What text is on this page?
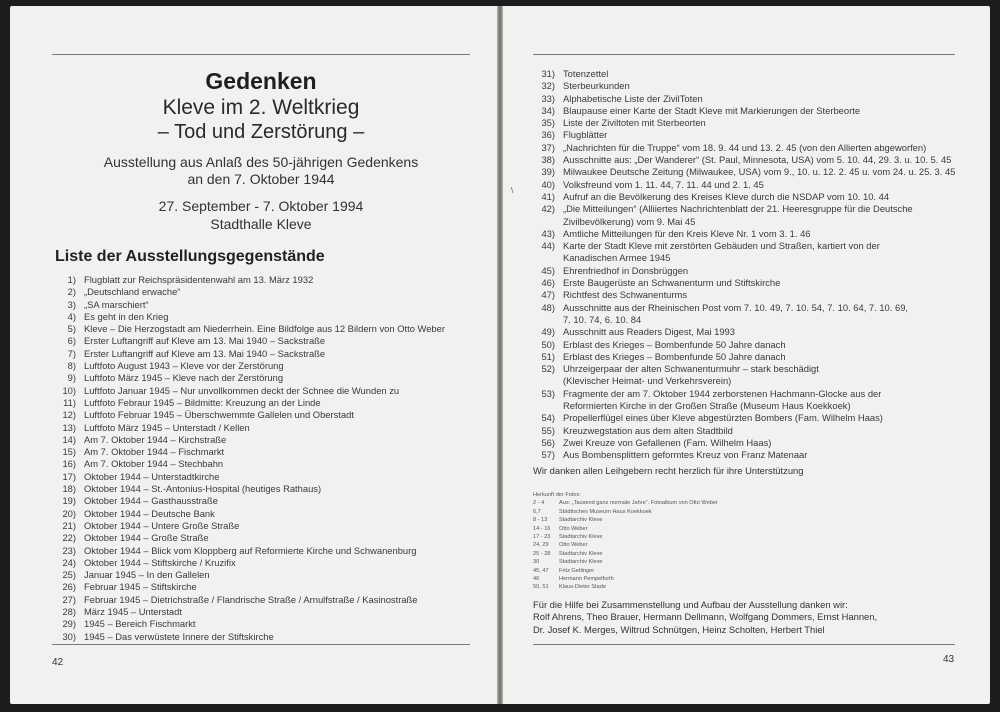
Gedenken
Kleve im 2. Weltkrieg
– Tod und Zerstörung –
Ausstellung aus Anlaß des 50-jährigen Gedenkens
an den 7. Oktober 1944
27. September - 7. Oktober 1994
Stadthalle Kleve
Liste der Ausstellungsgegenstände
1) Flugblatt zur Reichspräsidentenwahl am 13. März 1932
2) „Deutschland erwache“
3) „SA marschiert“
4) Es geht in den Krieg
5) Kleve – Die Herzogstadt am Niederrhein. Eine Bildfolge aus 12 Bildern von Otto Weber
6) Erster Luftangriff auf Kleve am 13. Mai 1940 – Sackstraße
7) Erster Luftangriff auf Kleve am 13. Mai 1940 – Sackstraße
8) Luftfoto August 1943 – Kleve vor der Zerstörung
9) Luftfoto März 1945 – Kleve nach der Zerstörung
10) Luftfoto Januar 1945 – Nur unvollkommen deckt der Schnee die Wunden zu
11) Luftfoto Febraur 1945 – Bildmitte: Kreuzung an der Linde
12) Luftfoto Februar 1945 – Überschwemmte Gallelen und Oberstadt
13) Luftfoto März 1945 – Unterstadt / Kellen
14) Am 7. Oktober 1944 – Kirchstraße
15) Am 7. Oktober 1944 – Fischmarkt
16) Am 7. Oktober 1944 – Stechbahn
17) Oktober 1944 – Unterstadtkirche
18) Oktober 1944 – St.-Antonius-Hospital (heutiges Rathaus)
19) Oktober 1944 – Gasthausstraße
20) Oktober 1944 – Deutsche Bank
21) Oktober 1944 – Untere Große Straße
22) Oktober 1944 – Große Straße
23) Oktober 1944 – Blick vom Kloppberg auf Reformierte Kirche und Schwanenburg
24) Oktober 1944 – Stiftskirche / Kruzifix
25) Januar 1945 – In den Gallelen
26) Februar 1945 – Stiftskirche
27) Februar 1945 – Dietrichstraße / Flandrische Straße / Arnulfstraße / Kasinostraße
28) März 1945 – Unterstadt
29) 1945 – Bereich Fischmarkt
30) 1945 – Das verwüstete Innere der Stiftskirche
42
31) Totenzettel
32) Sterbeurkunden
33) Alphabetische Liste der ZivilToten
34) Blaupause einer Karte der Stadt Kleve mit Markierungen der Sterbeorte
35) Liste der Ziviltoten mit Sterbeorten
36) Flugblätter
37) „Nachrichten für die Truppe“ vom 18. 9. 44 und 13. 2. 45 (von den Allierten abgeworfen)
38) Ausschnitte aus: „Der Wanderer“ (St. Paul, Minnesota, USA) vom 5. 10. 44, 29. 3. u. 10. 5. 45
39) Milwaukee Deutsche Zeitung (Milwaukee, USA) vom 9., 10. u. 12. 2. 45 u. vom 24. u. 25. 3. 45
40) Volksfreund vom 1. 11. 44, 7. 11. 44 und 2. 1. 45
41) Aufruf an die Bevölkerung des Kreises Kleve durch die NSDAP vom 10. 10. 44
42) „Die Mitteilungen“ (Alliiertes Nachrichtenblatt der 21. Heeresgruppe für die Deutsche
Zivilbevölkerung) vom 9. Mai 45
43) Amtliche Mitteilungen für den Kreis Kleve Nr. 1 vom 3. 1. 46
44) Karte der Stadt Kleve mit zerstörten Gebäuden und Straßen, kartiert von der
Kanadischen Armee 1945
45) Ehrenfriedhof in Donsbrüggen
46) Erste Baugerüste an Schwanenturm und Stiftskirche
47) Richtfest des Schwanenturms
48) Ausschnitte aus der Rheinischen Post vom 7. 10. 49, 7. 10. 54, 7. 10. 64, 7. 10. 69,
7. 10. 74, 6. 10. 84
49) Ausschnitt aus Readers Digest, Mai 1993
50) Erblast des Krieges – Bombenfunde 50 Jahre danach
51) Erblast des Krieges – Bombenfunde 50 Jahre danach
52) Uhrzeigerpaar der alten Schwanenturmuhr – stark beschädigt
(Klevischer Heimat- und Verkehrsverein)
53) Fragmente der am 7. Oktober 1944 zerborstenen Hachmann-Glocke aus der
Reformierten Kirche in der Großen Straße (Museum Haus Koekkoek)
54) Propellerflügel eines über Kleve abgestürzten Bombers (Fam. Wilhelm Haas)
55) Kreuzwegstation aus dem alten Stadtbild
56) Zwei Kreuze von Gefallenen (Fam. Wilhelm Haas)
57) Aus Bombensplittern geformtes Kreuz von Franz Matenaar
\
Wir danken allen Leihgebern recht herzlich für ihre Unterstützung
Herkunft der Fotos:
2 - 4	Aus: „Tausend ganz normale Jahre“. Fotoalbum von Otto Weber
6,7	Städtisches Museum Haus Koekkoek
8 - 13	Stadtarchiv Kleve
14 - 16	Otto Weber
17 - 23	Stadtarchiv Kleve
24, 29	Otto Weber
25 - 28	Stadtarchiv Kleve
30	Stadtarchiv Kleve
45, 47	Fritz Getlinger
46	Hermann Pempelforth
50, 51	Klaus-Dieter Stade
Für die Hilfe bei Zusammenstellung und Aufbau der Ausstellung danken wir:
Rolf Ahrens, Theo Brauer, Hermann Dellmann, Wolfgang Dommers, Ernst Hannen,
Dr. Josef K. Merges, Wiltrud Schnütgen, Heinz Scholten, Herbert Thiel
43
